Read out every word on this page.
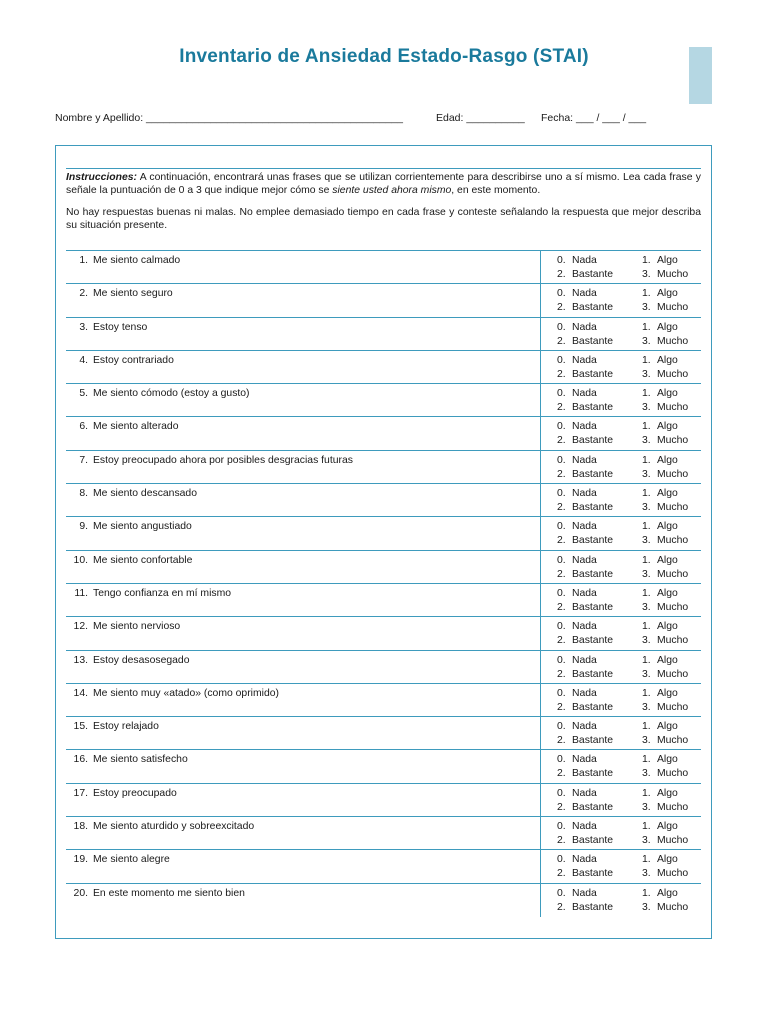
Inventario de Ansiedad Estado-Rasgo (STAI)
Nombre y Apellido: ____________________________________________	Edad: __________ Fecha: ___ / ___ / ___

Instrucciones: A continuación, encontrará unas frases que se utilizan corrientemente para describirse uno a sí mismo. Lea cada frase y señale la puntuación de 0 a 3 que indique mejor cómo se siente usted ahora mismo, en este momento.

No hay respuestas buenas ni malas. No emplee demasiado tiempo en cada frase y conteste señalando la respuesta que mejor describa su situación presente.

1. Me siento calmado	0. Nada	1. Algo
2. Bastante	3. Mucho
2. Me siento seguro	0. Nada	1. Algo
2. Bastante	3. Mucho
3. Estoy tenso	0. Nada	1. Algo
2. Bastante	3. Mucho
4. Estoy contrariado	0. Nada	1. Algo
2. Bastante	3. Mucho
5. Me siento cómodo (estoy a gusto)	0. Nada	1. Algo
2. Bastante	3. Mucho
6. Me siento alterado	0. Nada	1. Algo
2. Bastante	3. Mucho
7. Estoy preocupado ahora por posibles desgracias futuras	0. Nada	1. Algo
2. Bastante	3. Mucho
8. Me siento descansado	0. Nada	1. Algo
2. Bastante	3. Mucho
9. Me siento angustiado	0. Nada	1. Algo
2. Bastante	3. Mucho
10. Me siento confortable	0. Nada	1. Algo
2. Bastante	3. Mucho
11. Tengo confianza en mí mismo	0. Nada	1. Algo
2. Bastante	3. Mucho
12. Me siento nervioso	0. Nada	1. Algo
2. Bastante	3. Mucho
13. Estoy desasosegado	0. Nada	1. Algo
2. Bastante	3. Mucho
14. Me siento muy «atado» (como oprimido)	0. Nada	1. Algo
2. Bastante	3. Mucho
15. Estoy relajado	0. Nada	1. Algo
2. Bastante	3. Mucho
16. Me siento satisfecho	0. Nada	1. Algo
2. Bastante	3. Mucho
17. Estoy preocupado	0. Nada	1. Algo
2. Bastante	3. Mucho
18. Me siento aturdido y sobreexcitado	0. Nada	1. Algo
2. Bastante	3. Mucho
19. Me siento alegre	0. Nada	1. Algo
2. Bastante	3. Mucho
20. En este momento me siento bien	0. Nada	1. Algo
2. Bastante	3. Mucho
